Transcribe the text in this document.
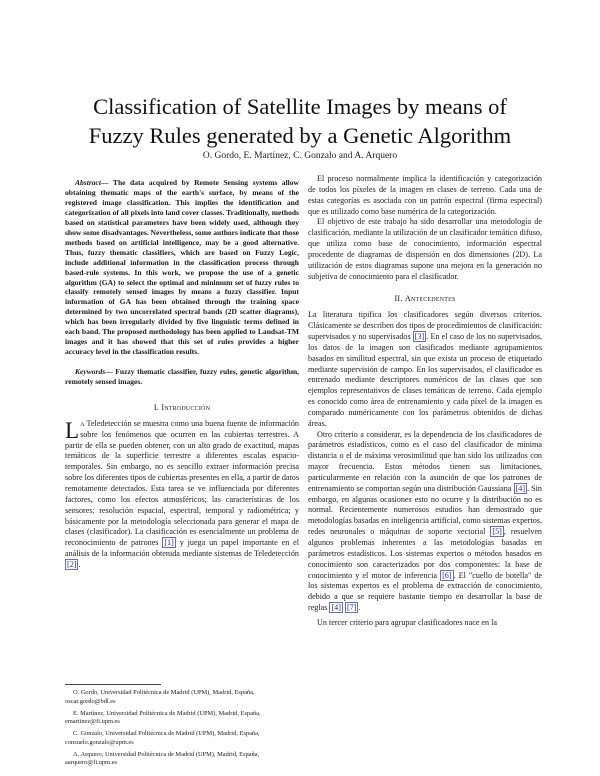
Classification of Satellite Images by means of
Fuzzy Rules generated by a Genetic Algorithm

O. Gordo, E. Martínez, C. Gonzalo and A. Arquero

Abstract— The data acquired by Remote Sensing systems allow obtaining thematic maps of the earth's surface, by means of the registered image classification. This implies the identification and categorization of all pixels into land cover classes. Traditionally, methods based on statistical parameters have been widely used, although they show some disadvantages. Nevertheless, some authors indicate that those methods based on artificial intelligence, may be a good alternative. Thus, fuzzy thematic classifiers, which are based on Fuzzy Logic, include additional information in the classification process through based-rule systems. In this work, we propose the use of a genetic algorithm (GA) to select the optimal and minimum set of fuzzy rules to classify remotely sensed images by means a fuzzy classifier. Input information of GA has been obtained through the training space determined by two uncorrelated spectral bands (2D scatter diagrams), which has been irregularly divided by five linguistic terms defined in each band. The proposed methodology has been applied to Landsat-TM images and it has showed that this set of rules provides a higher accuracy level in the classification results.

Keywords— Fuzzy thematic classifier, fuzzy rules, genetic algorithm, remotely sensed images.

I. Introducción

La Teledetección se muestra como una buena fuente de información sobre los fenómenos que ocurren en las cubiertas terrestres. A partir de ella se pueden obtener, con un alto grado de exactitud, mapas temáticos de la superficie terrestre a diferentes escalas espacio-temporales. Sin embargo, no es sencillo extraer información precisa sobre los diferentes tipos de cubiertas presentes en ella, a partir de datos remotamente detectados. Esta tarea se ve influenciada por diferentes factores, como los efectos atmosféricos; las características de los sensores: resolución espacial, espectral, temporal y radiométrica; y básicamente por la metodología seleccionada para generar el mapa de clases (clasificador). La clasificación es esencialmente un problema de reconocimiento de patrones [1] y juega un papel importante en el análisis de la información obtenida mediante sistemas de Teledetección [2] .

O. Gordo, Universidad Politécnica de Madrid (UPM), Madrid, España, oscar.gordo@bdl.es

E. Martínez, Universidad Politécnica de Madrid (UPM), Madrid, España, emartinez@fi.upm.es

C. Gonzalo, Universidad Politécnica de Madrid (UPM), Madrid, España, consuelo.gonzalo@upm.es

A. Arquero, Universidad Politécnica de Madrid (UPM), Madrid, España, aarquero@fi.upm.es

El proceso normalmente implica la identificación y categorización de todos los píxeles de la imagen en clases de terreno. Cada una de estas categorías es asociada con un patrón espectral (firma espectral) que es utilizado como base numérica de la categorización.

El objetivo de este trabajo ha sido desarrollar una metodología de clasificación, mediante la utilización de un clasificador temático difuso, que utiliza como base de conocimiento, información espectral procedente de diagramas de dispersión en dos dimensiones (2D). La utilización de estos diagramas supone una mejora en la generación no subjetiva de conocimiento para el clasificador.

II. Antecedentes

La literatura tipifica los clasificadores según diversos criterios. Clásicamente se describen dos tipos de procedimientos de clasificación: supervisados y no supervisados [3] . En el caso de los no supervisados, los datos de la imagen son clasificados mediante agrupamientos basados en similitud espectral, sin que exista un proceso de etiquetado mediante supervisión de campo. En los supervisados, el clasificador es entrenado mediante descriptores numéricos de las clases que son ejemplos representativos de clases temáticas de terreno. Cada ejemplo es conocido como área de entrenamiento y cada píxel de la imagen es comparado numéricamente con los parámetros obtenidos de dichas áreas.

Otro criterio a considerar, es la dependencia de los clasificadores de parámetros estadísticos, como es el caso del clasificador de mínima distancia o el de máxima verosimilitud que han sido los utilizados con mayor frecuencia. Estos métodos tienen sus limitaciones, particularmente en relación con la asunción de que los patrones de entrenamiento se comportan según una distribución Gaussiana [4] . Sin embargo, en algunas ocasiones esto no ocurre y la distribución no es normal. Recientemente numerosos estudios han demostrado que metodologías basadas en inteligencia artificial, como sistemas expertos, redes neuronales o máquinas de soporte vectorial [5] , resuelven algunos problemas inherentes a las metodologías basadas en parámetros estadísticos. Los sistemas expertos o métodos basados en conocimiento son caracterizados por dos componentes: la base de conocimiento y el motor de inferencia [6] . El "cuello de botella" de los sistemas expertos es el problema de extracción de conocimiento, debido a que se requiere bastante tiempo en desarrollar la base de reglas [4] [7] .

Un tercer criterio para agrupar clasificadores nace en la
